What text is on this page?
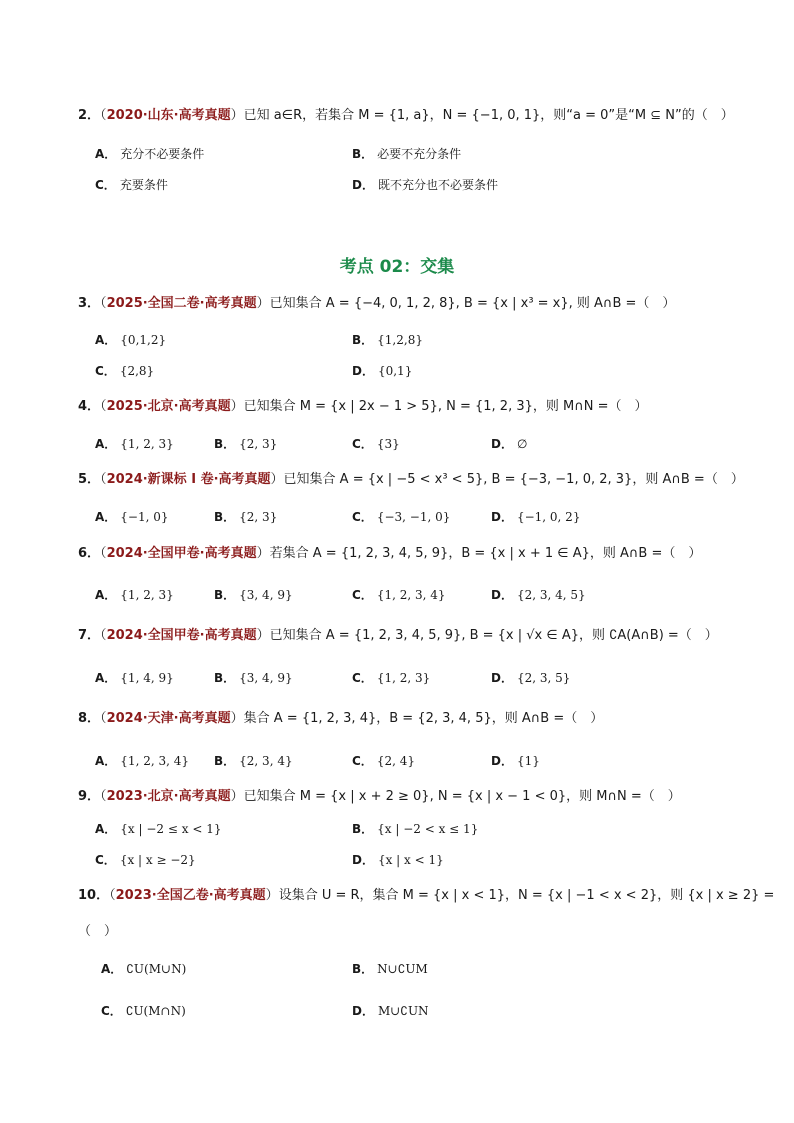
2．（2020·山东·高考真题）已知 a∈R，若集合 M = {1, a}，N = {−1, 0, 1}，则“a = 0”是“M ⊆ N”的（　）
A． 充分不必要条件	B． 必要不充分条件
C． 充要条件	D． 既不充分也不必要条件
考点 02：交集
3．（2025·全国二卷·高考真题）已知集合 A = {−4, 0, 1, 2, 8}, B = {x | x³ = x}, 则 A∩B =（　）
A． {0,1,2}	B． {1,2,8}
C． {2,8}	D． {0,1}
4．（2025·北京·高考真题）已知集合 M = {x | 2x − 1 > 5}, N = {1, 2, 3}，则 M∩N =（　）
A． {1, 2, 3}	B． {2, 3}	C． {3}	D． ∅
5．（2024·新课标 I 卷·高考真题）已知集合 A = {x | −5 < x³ < 5}, B = {−3, −1, 0, 2, 3}，则 A∩B =（　）
A． {−1, 0}	B． {2, 3}	C． {−3, −1, 0}	D． {−1, 0, 2}
6．（2024·全国甲卷·高考真题）若集合 A = {1, 2, 3, 4, 5, 9}，B = {x | x + 1 ∈ A}，则 A∩B =（　）
A． {1, 2, 3}	B． {3, 4, 9}	C． {1, 2, 3, 4}	D． {2, 3, 4, 5}
7．（2024·全国甲卷·高考真题）已知集合 A = {1, 2, 3, 4, 5, 9}, B = {x | √x ∈ A}，则 ∁A(A∩B) =（　）
A． {1, 4, 9}	B． {3, 4, 9}	C． {1, 2, 3}	D． {2, 3, 5}
8．（2024·天津·高考真题）集合 A = {1, 2, 3, 4}，B = {2, 3, 4, 5}，则 A∩B =（　）
A． {1, 2, 3, 4} B． {2, 3, 4}	C． {2, 4}	D． {1}
9．（2023·北京·高考真题）已知集合 M = {x | x + 2 ≥ 0}, N = {x | x − 1 < 0}，则 M∩N =（　）
A． {x | −2 ≤ x < 1}	B． {x | −2 < x ≤ 1}
C． {x | x ≥ −2}	D． {x | x < 1}
10．（2023·全国乙卷·高考真题）设集合 U = R，集合 M = {x | x < 1}，N = {x | −1 < x < 2}，则 {x | x ≥ 2} =
（　）
A． ∁U(M∪N)	B． N∪∁UM
C． ∁U(M∩N)	D． M∪∁UN
